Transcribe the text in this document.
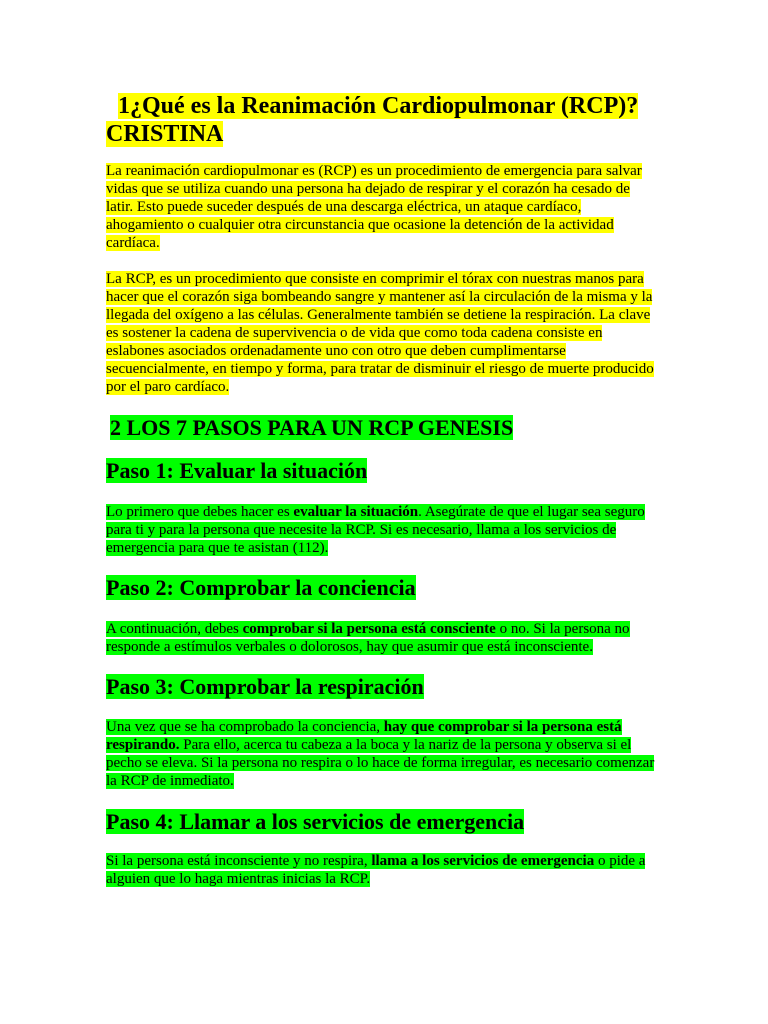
1¿Qué es la Reanimación Cardiopulmonar (RCP)?
CRISTINA

La reanimación cardiopulmonar es (RCP) es un procedimiento de emergencia para salvar
vidas que se utiliza cuando una persona ha dejado de respirar y el corazón ha cesado de
latir. Esto puede suceder después de una descarga eléctrica, un ataque cardíaco,
ahogamiento o cualquier otra circunstancia que ocasione la detención de la actividad
cardíaca.

La RCP, es un procedimiento que consiste en comprimir el tórax con nuestras manos para
hacer que el corazón siga bombeando sangre y mantener así la circulación de la misma y la
llegada del oxígeno a las células. Generalmente también se detiene la respiración. La clave
es sostener la cadena de supervivencia o de vida que como toda cadena consiste en
eslabones asociados ordenadamente uno con otro que deben cumplimentarse
secuencialmente, en tiempo y forma, para tratar de disminuir el riesgo de muerte producido
por el paro cardíaco.

2 LOS 7 PASOS PARA UN RCP GENESIS
Paso 1: Evaluar la situación

Lo primero que debes hacer es evaluar la situación. Asegúrate de que el lugar sea seguro
para ti y para la persona que necesite la RCP. Si es necesario, llama a los servicios de
emergencia para que te asistan (112).

Paso 2: Comprobar la conciencia

A continuación, debes comprobar si la persona está consciente o no. Si la persona no
responde a estímulos verbales o dolorosos, hay que asumir que está inconsciente.

Paso 3: Comprobar la respiración

Una vez que se ha comprobado la conciencia, hay que comprobar si la persona está
respirando. Para ello, acerca tu cabeza a la boca y la nariz de la persona y observa si el
pecho se eleva. Si la persona no respira o lo hace de forma irregular, es necesario comenzar
la RCP de inmediato.

Paso 4: Llamar a los servicios de emergencia

Si la persona está inconsciente y no respira, llama a los servicios de emergencia o pide a
alguien que lo haga mientras inicias la RCP.
